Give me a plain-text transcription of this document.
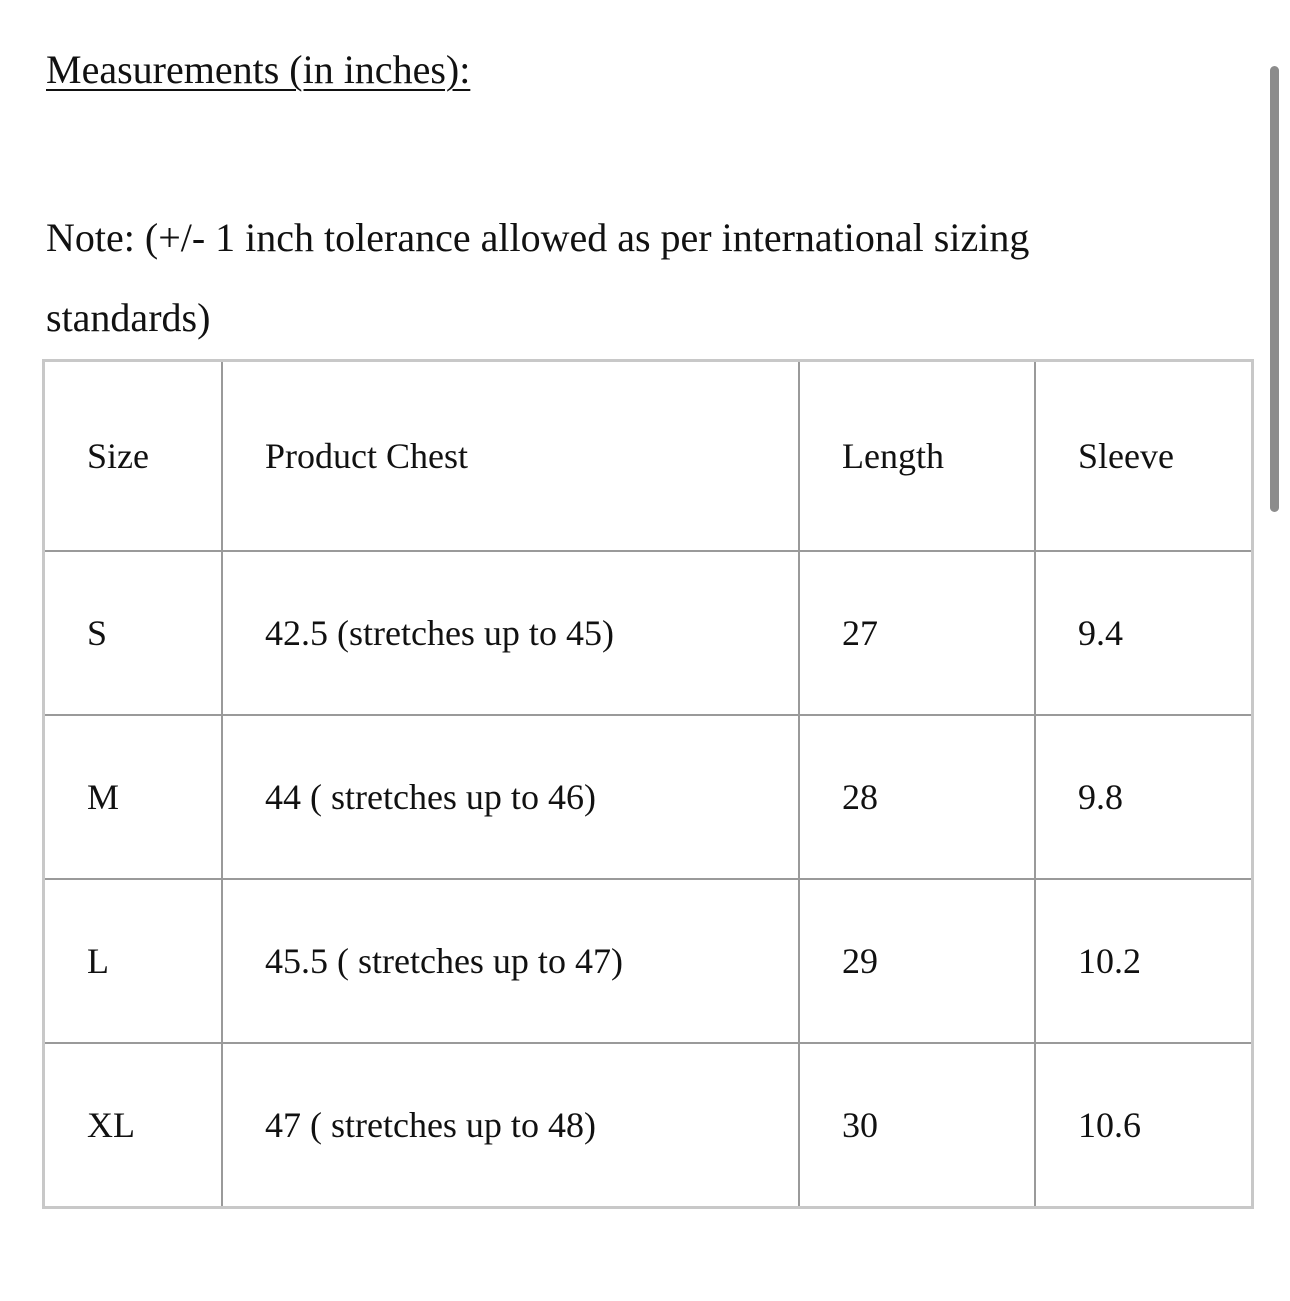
Measurements (in inches):

Note: (+/- 1 inch tolerance allowed as per international sizing standards)

Size	Product Chest	Length	Sleeve
S	42.5 (stretches up to 45)	27	9.4
M	44 ( stretches up to 46)	28	9.8
L	45.5 ( stretches up to 47)	29	10.2
XL	47 ( stretches up to 48)	30	10.6
